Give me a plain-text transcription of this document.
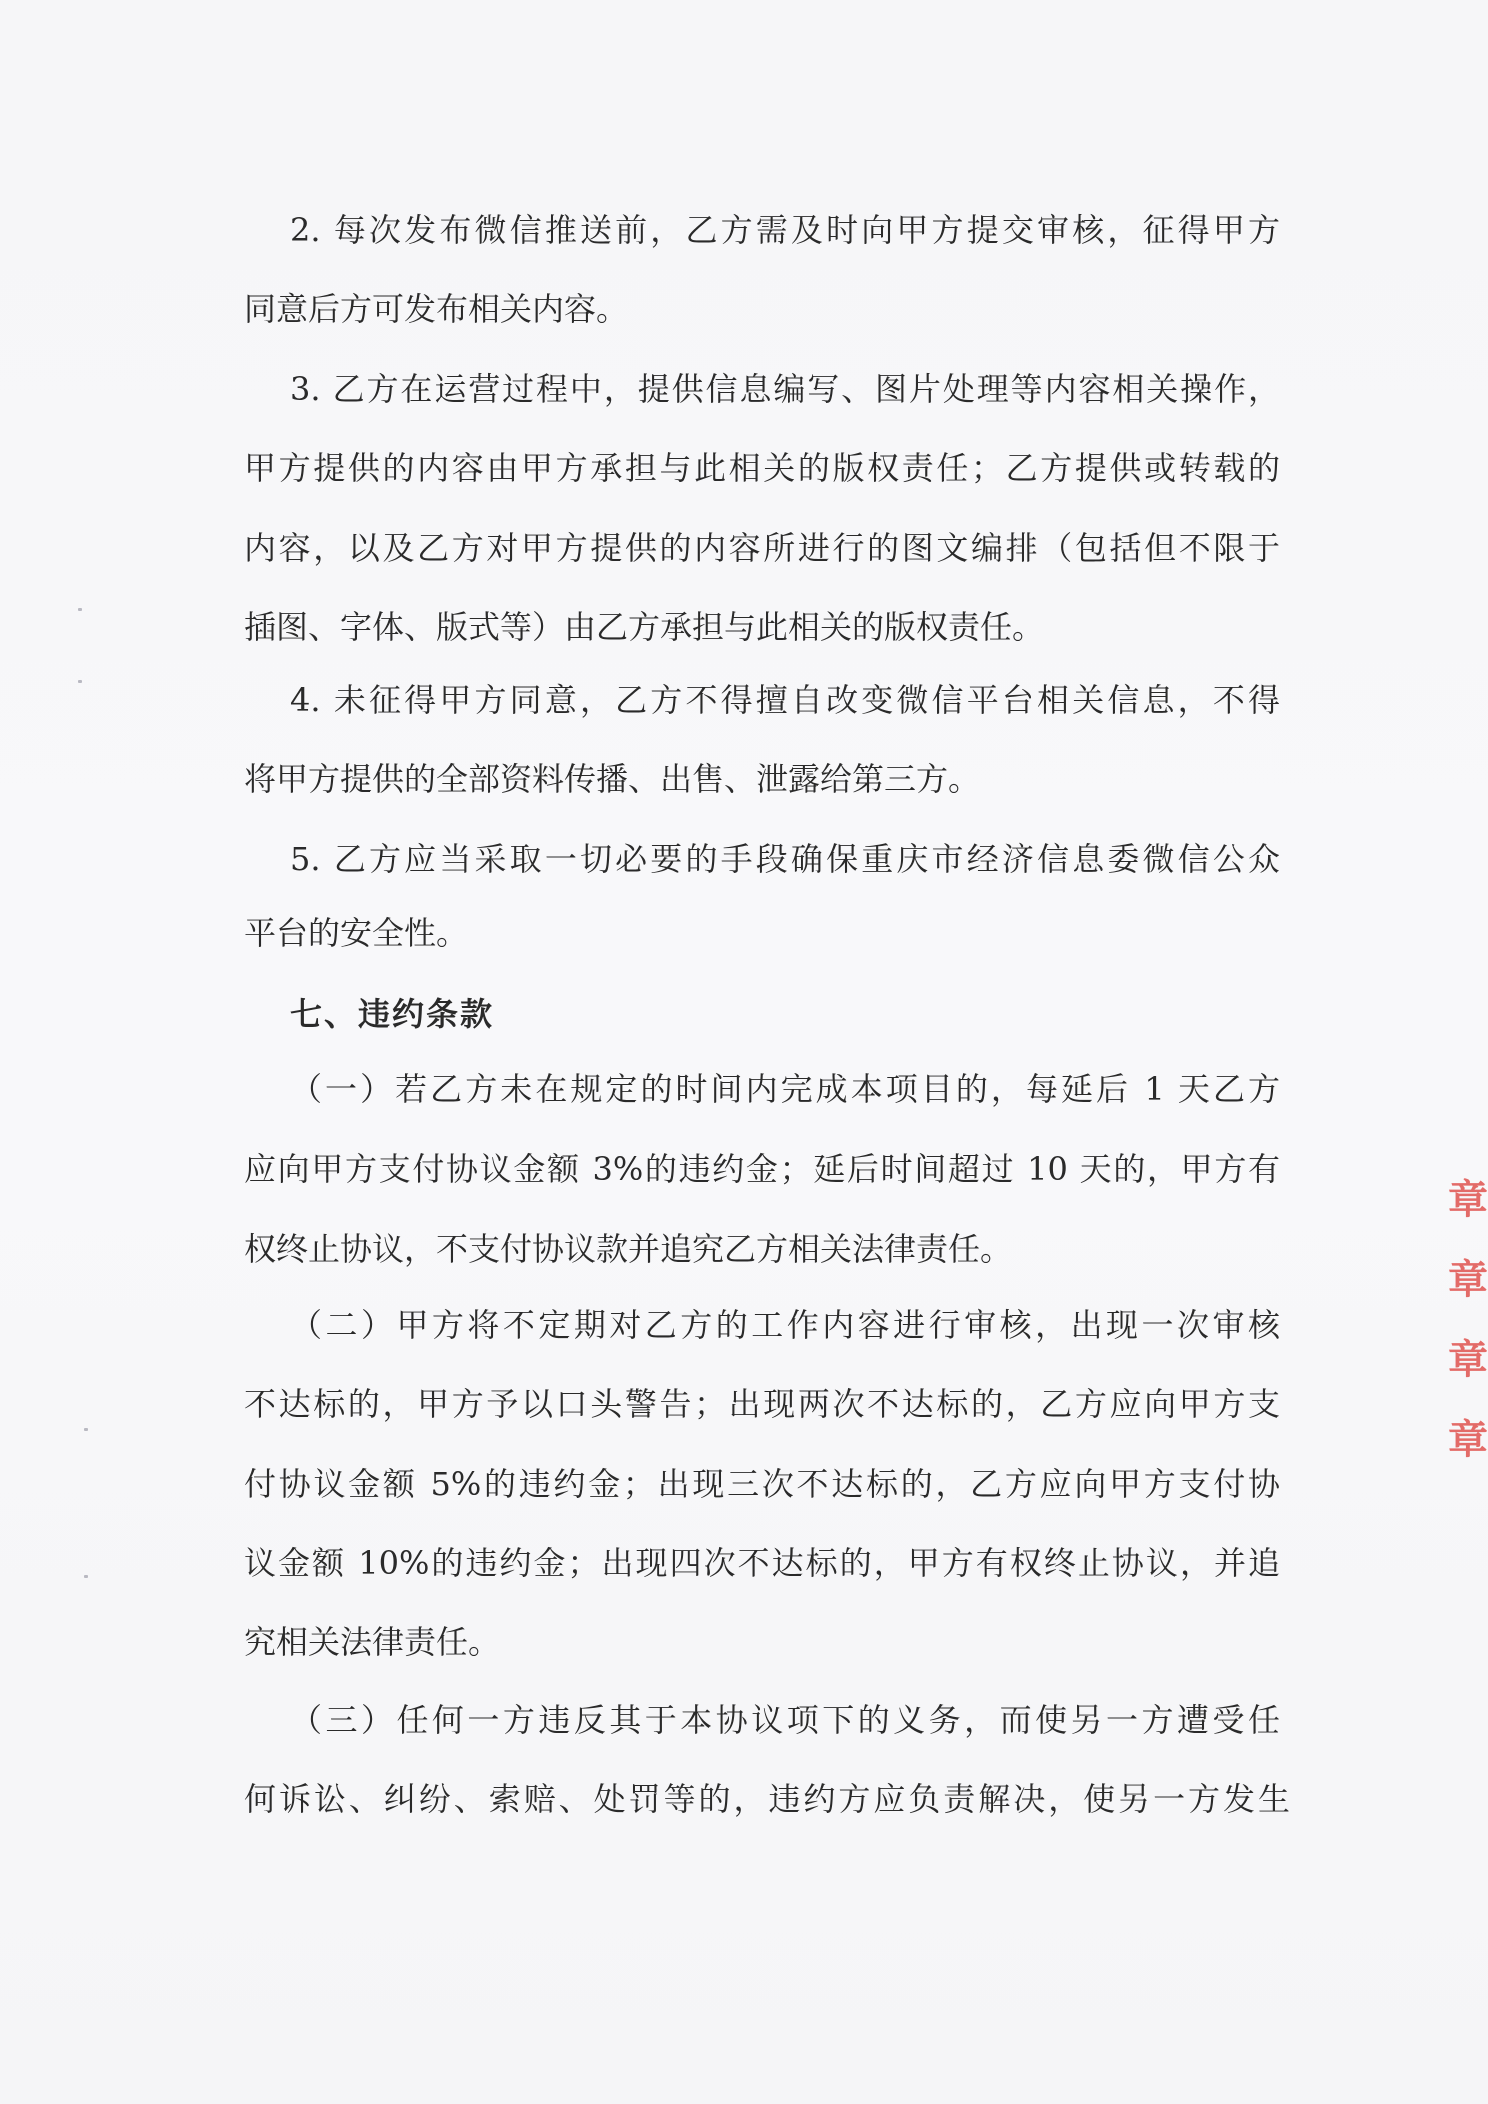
2. 每次发布微信推送前，乙方需及时向甲方提交审核，征得甲方
同意后方可发布相关内容。
3. 乙方在运营过程中，提供信息编写、图片处理等内容相关操作，
甲方提供的内容由甲方承担与此相关的版权责任；乙方提供或转载的
内容，以及乙方对甲方提供的内容所进行的图文编排（包括但不限于
插图、字体、版式等）由乙方承担与此相关的版权责任。
4. 未征得甲方同意，乙方不得擅自改变微信平台相关信息，不得
将甲方提供的全部资料传播、出售、泄露给第三方。
5. 乙方应当采取一切必要的手段确保重庆市经济信息委微信公众
平台的安全性。
七、违约条款
（一）若乙方未在规定的时间内完成本项目的，每延后 1 天乙方
应向甲方支付协议金额 3%的违约金；延后时间超过 10 天的，甲方有
权终止协议，不支付协议款并追究乙方相关法律责任。
（二）甲方将不定期对乙方的工作内容进行审核，出现一次审核
不达标的，甲方予以口头警告；出现两次不达标的，乙方应向甲方支
付协议金额 5%的违约金；出现三次不达标的，乙方应向甲方支付协
议金额 10%的违约金；出现四次不达标的，甲方有权终止协议，并追
究相关法律责任。
（三）任何一方违反其于本协议项下的义务，而使另一方遭受任
何诉讼、纠纷、索赔、处罚等的，违约方应负责解决，使另一方发生
章
章
章
章
